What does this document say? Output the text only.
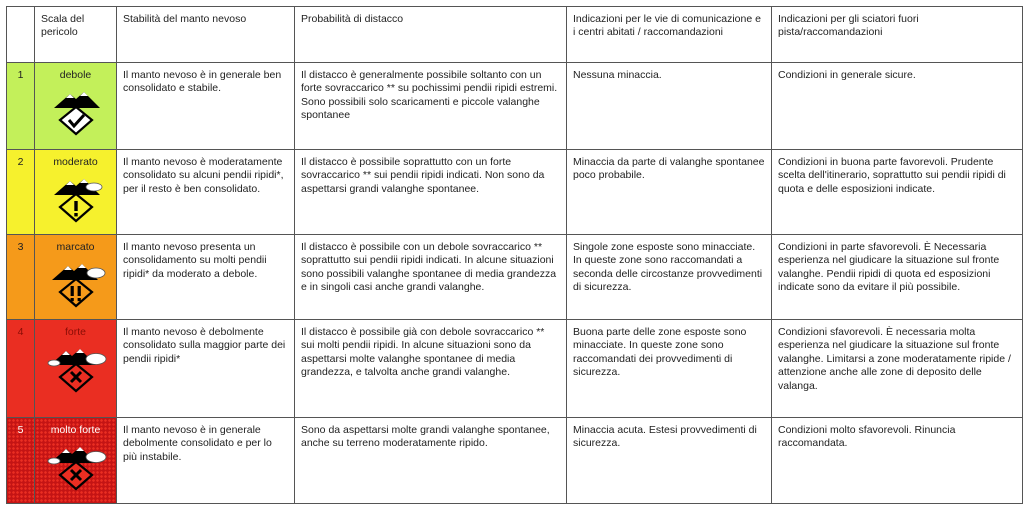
	Scala del pericolo	Stabilità del manto nevoso	Probabilità di distacco	Indicazioni per le vie di comunicazione e i centri abitati / raccomandazioni	Indicazioni per gli sciatori fuori pista/raccomandazioni
1	debole	Il manto nevoso è in generale ben consolidato e stabile.	Il distacco è generalmente possibile soltanto con un forte sovraccarico ** su pochissimi pendii ripidi estremi. Sono possibili solo scaricamenti e piccole valanghe spontanee	Nessuna minaccia.	Condizioni in generale sicure.
2	moderato	Il manto nevoso è moderatamente consolidato su alcuni pendii ripidi*, per il resto è ben consolidato.	Il distacco è possibile soprattutto con un forte sovraccarico ** sui pendii ripidi indicati. Non sono da aspettarsi grandi valanghe spontanee.	Minaccia da parte di valanghe spontanee poco probabile.	Condizioni in buona parte favorevoli. Prudente scelta dell'itinerario, soprattutto sui pendii ripidi di quota e delle esposizioni indicate.
3	marcato	Il manto nevoso presenta un consolidamento su molti pendii ripidi* da moderato a debole.	Il distacco è possibile con un debole sovraccarico ** soprattutto sui pendii ripidi indicati. In alcune situazioni sono possibili valanghe spontanee di media grandezza e in singoli casi anche grandi valanghe.	Singole zone esposte sono minacciate. In queste zone sono raccomandati a seconda delle circostanze provvedimenti di sicurezza.	Condizioni in parte sfavorevoli. È Necessaria esperienza nel giudicare la situazione sul fronte valanghe. Pendii ripidi di quota ed esposizioni indicate sono da evitare il più possibile.
4	forte	Il manto nevoso è debolmente consolidato sulla maggior parte dei pendii ripidi*	Il distacco è possibile già con debole sovraccarico ** sui molti pendii ripidi. In alcune situazioni sono da aspettarsi molte valanghe spontanee di media grandezza, e talvolta anche grandi valanghe.	Buona parte delle zone esposte sono minacciate. In queste zone sono raccomandati dei provvedimenti di sicurezza.	Condizioni sfavorevoli. È necessaria molta esperienza nel giudicare la situazione sul fronte valanghe. Limitarsi a zone moderatamente ripide / attenzione anche alle zone di deposito delle valanga.
5	molto forte	Il manto nevoso è in generale debolmente consolidato e per lo più instabile.	Sono da aspettarsi molte grandi valanghe spontanee, anche su terreno moderatamente ripido.	Minaccia acuta. Estesi provvedimenti di sicurezza.	Condizioni molto sfavorevoli. Rinuncia raccomandata.
